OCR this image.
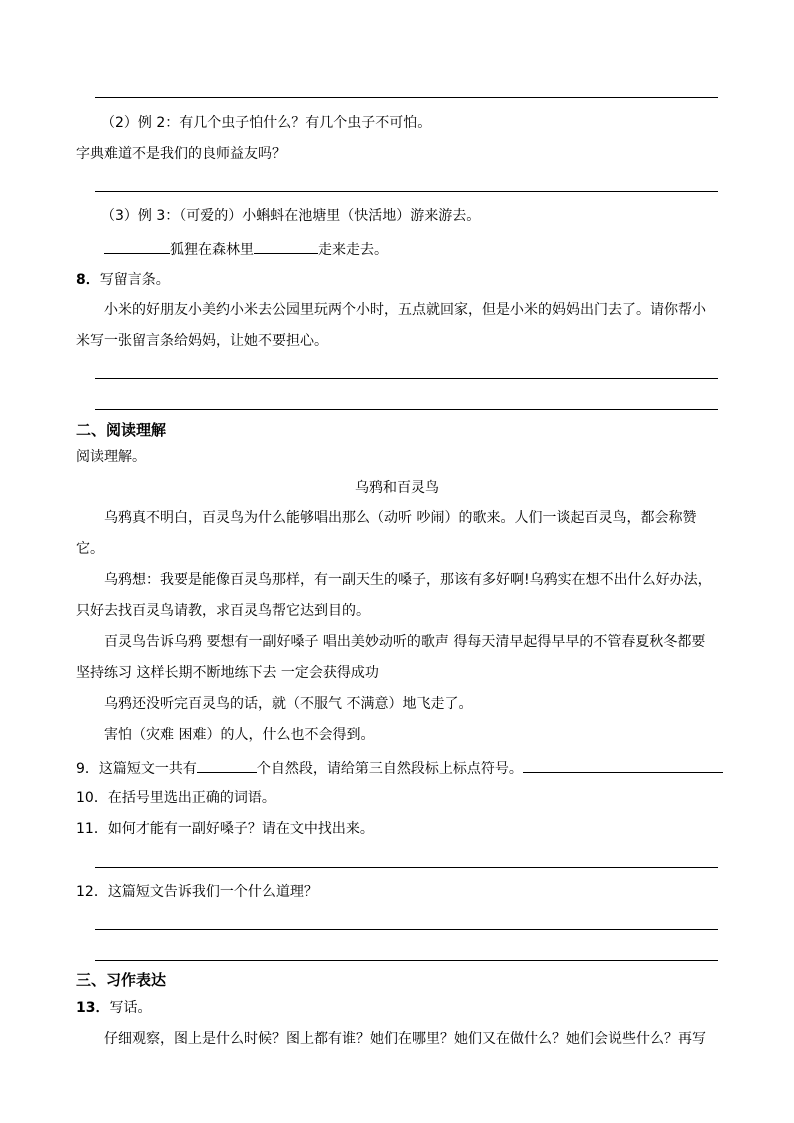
（2）例 2：有几个虫子怕什么？有几个虫子不可怕。
字典难道不是我们的良师益友吗？
（3）例 3：（可爱的）小蝌蚪在池塘里（快活地）游来游去。
狐狸在森林里	走来走去。
8．写留言条。
小米的好朋友小美约小米去公园里玩两个小时，五点就回家，但是小米的妈妈出门去了。请你帮小
米写一张留言条给妈妈，让她不要担心。
二、阅读理解
阅读理解。
乌鸦和百灵鸟
乌鸦真不明白，百灵鸟为什么能够唱出那么（动听 吵闹）的歌来。人们一谈起百灵鸟，都会称赞
它。
乌鸦想：我要是能像百灵鸟那样，有一副天生的嗓子，那该有多好啊!乌鸦实在想不出什么好办法，
只好去找百灵鸟请教，求百灵鸟帮它达到目的。
百灵鸟告诉乌鸦 要想有一副好嗓子 唱出美妙动听的歌声 得每天清早起得早早的不管春夏秋冬都要
坚持练习 这样长期不断地练下去 一定会获得成功
乌鸦还没听完百灵鸟的话，就（不服气 不满意）地飞走了。
害怕（灾难 困难）的人，什么也不会得到。
9．这篇短文一共有	个自然段，请给第三自然段标上标点符号。
10．在括号里选出正确的词语。
11．如何才能有一副好嗓子？请在文中找出来。
12．这篇短文告诉我们一个什么道理？
三、习作表达
13．写话。
仔细观察，图上是什么时候？图上都有谁？她们在哪里？她们又在做什么？她们会说些什么？再写
